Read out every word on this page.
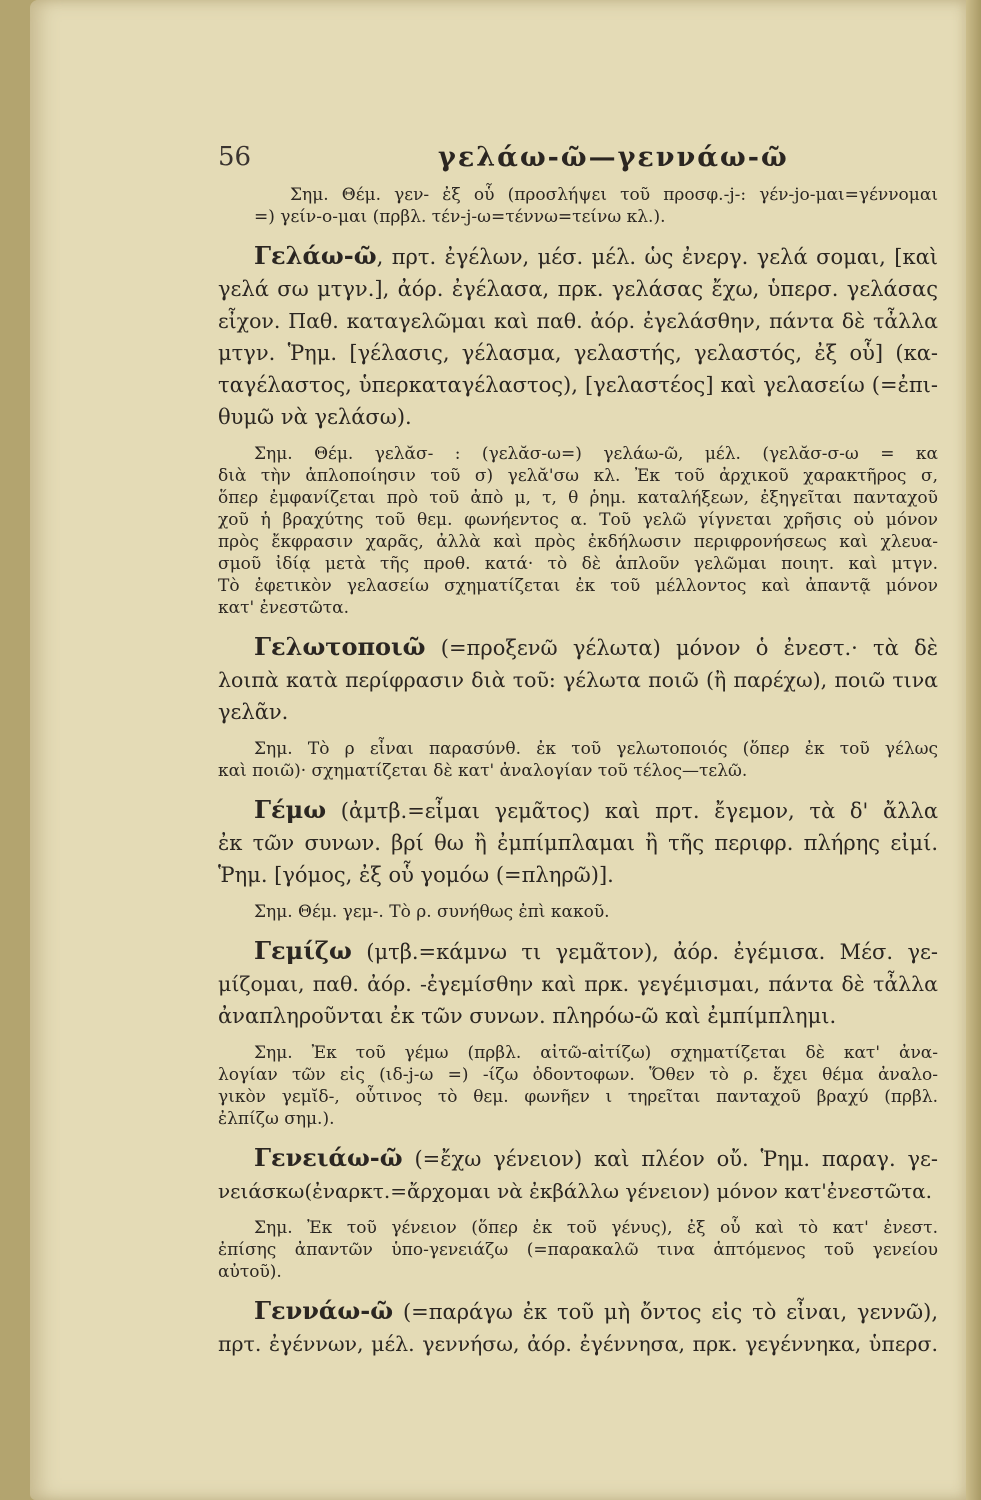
56	γελάω-ῶ—γεννάω-ῶ
Σημ. Θέμ. γεν- ἐξ οὗ (προσλήψει τοῦ προσφ.-j-: γέν-jo-μαι=γέννομαι
=) γείν-ο-μαι (πρβλ. τέν-j-ω=τέννω=τείνω κλ.).
Γελάω-ῶ, πρτ. ἐγέλων, μέσ. μέλ. ὡς ἐνεργ. γελά σομαι, [καὶ
γελά σω μτγν.], ἀόρ. ἐγέλασα, πρκ. γελάσας ἔχω, ὑπερσ. γελάσας
εἶχον. Παθ. καταγελῶμαι καὶ παθ. ἀόρ. ἐγελάσθην, πάντα δὲ τἆλλα
μτγν. Ῥημ. [γέλασις, γέλασμα, γελαστής, γελαστός, ἐξ οὗ] (κα-
ταγέλαστος, ὑπερκαταγέλαστος), [γελαστέος] καὶ γελασείω (=ἐπι-
θυμῶ νὰ γελάσω).
Σημ. Θέμ. γελᾰσ- : (γελᾰσ-ω=) γελάω-ῶ, μέλ. (γελᾰσ-σ-ω = κα
διὰ τὴν ἁπλοποίησιν τοῦ σ) γελᾰ'σω κλ. Ἐκ τοῦ ἀρχικοῦ χαρακτῆρος σ,
ὅπερ ἐμφανίζεται πρὸ τοῦ ἀπὸ μ, τ, θ ῥημ. καταλήξεων, ἐξηγεῖται πανταχοῦ
χοῦ ἡ βραχύτης τοῦ θεμ. φωνήεντος α. Τοῦ γελῶ γίγνεται χρῆσις οὐ μόνον
πρὸς ἔκφρασιν χαρᾶς, ἀλλὰ καὶ πρὸς ἐκδήλωσιν περιφρονήσεως καὶ χλευα-
σμοῦ ἰδίᾳ μετὰ τῆς προθ. κατά· τὸ δὲ ἁπλοῦν γελῶμαι ποιητ. καὶ μτγν.
Τὸ ἐφετικὸν γελασείω σχηματίζεται ἐκ τοῦ μέλλοντος καὶ ἀπαντᾷ μόνον
κατ' ἐνεστῶτα.
Γελωτοποιῶ (=προξενῶ γέλωτα) μόνον ὁ ἐνεστ.· τὰ δὲ
λοιπὰ κατὰ περίφρασιν διὰ τοῦ: γέλωτα ποιῶ (ἢ παρέχω), ποιῶ τινα
γελᾶν.
Σημ. Τὸ ρ εἶναι παρασύνθ. ἐκ τοῦ γελωτοποιός (ὅπερ ἐκ τοῦ γέλως
καὶ ποιῶ)· σχηματίζεται δὲ κατ' ἀναλογίαν τοῦ τέλος—τελῶ.
Γέμω (ἀμτβ.=εἶμαι γεμᾶτος) καὶ πρτ. ἔγεμον, τὰ δ' ἄλλα
ἐκ τῶν συνων. βρί θω ἢ ἐμπίμπλαμαι ἢ τῆς περιφρ. πλήρης εἰμί.
Ῥημ. [γόμος, ἐξ οὗ γομόω (=πληρῶ)].
Σημ. Θέμ. γεμ-. Τὸ ρ. συνήθως ἐπὶ κακοῦ.
Γεμίζω (μτβ.=κάμνω τι γεμᾶτον), ἀόρ. ἐγέμισα. Μέσ. γε-
μίζομαι, παθ. ἀόρ. -ἐγεμίσθην καὶ πρκ. γεγέμισμαι, πάντα δὲ τἆλλα
ἀναπληροῦνται ἐκ τῶν συνων. πληρόω-ῶ καὶ ἐμπίμπλημι.
Σημ. Ἐκ τοῦ γέμω (πρβλ. αἰτῶ-αἰτίζω) σχηματίζεται δὲ κατ' ἀνα-
λογίαν τῶν εἰς (ιδ-j-ω =) -ίζω ὀδοντοφων. Ὅθεν τὸ ρ. ἔχει θέμα ἀναλο-
γικὸν γεμῐδ-, οὗτινος τὸ θεμ. φωνῆεν ι τηρεῖται πανταχοῦ βραχύ (πρβλ.
ἐλπίζω σημ.).
Γενειάω-ῶ (=ἔχω γένειον) καὶ πλέον οὔ. Ῥημ. παραγ. γε-
νειάσκω(ἐναρκτ.=ἄρχομαι νὰ ἐκβάλλω γένειον) μόνον κατ'ἐνεστῶτα.
Σημ. Ἐκ τοῦ γένειον (ὅπερ ἐκ τοῦ γένυς), ἐξ οὗ καὶ τὸ κατ' ἐνεστ.
ἐπίσης ἀπαντῶν ὑπο-γενειάζω (=παρακαλῶ τινα ἁπτόμενος τοῦ γενείου
αὐτοῦ).
Γεννάω-ῶ (=παράγω ἐκ τοῦ μὴ ὄντος εἰς τὸ εἶναι, γεννῶ),
πρτ. ἐγέννων, μέλ. γεννήσω, ἀόρ. ἐγέννησα, πρκ. γεγέννηκα, ὑπερσ.
